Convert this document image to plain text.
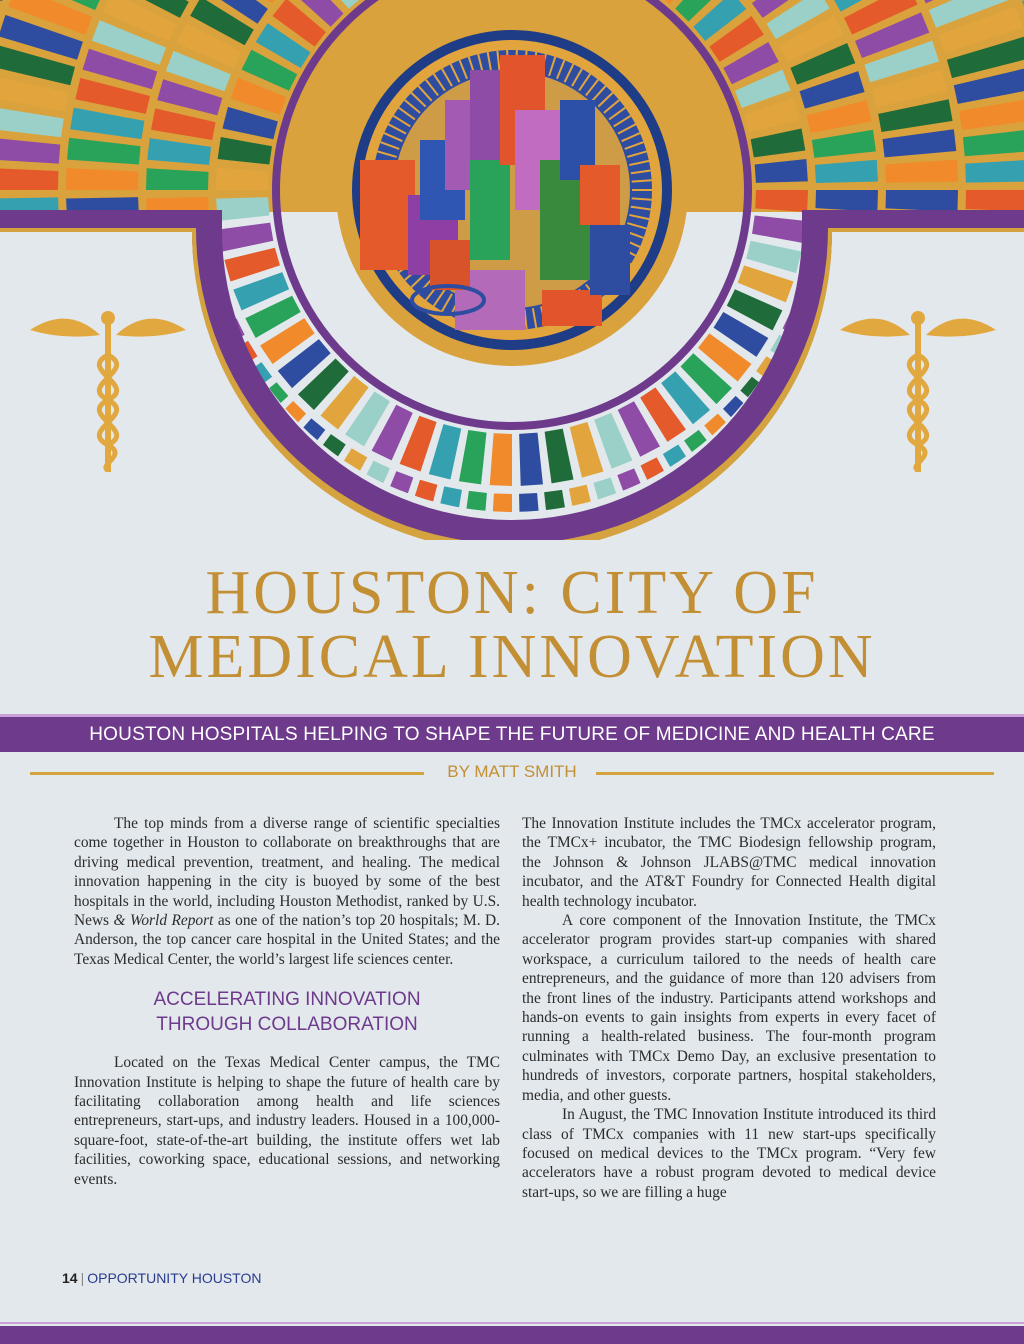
HOUSTON: CITY OF
MEDICAL INNOVATION
HOUSTON HOSPITALS HELPING TO SHAPE THE FUTURE OF MEDICINE AND HEALTH CARE
BY MATT SMITH

The top minds from a diverse range of scientific specialties come together in Houston to collaborate on breakthroughs that are driving medical prevention, treatment, and healing. The medical innovation happening in the city is buoyed by some of the best hospitals in the world, including Houston Methodist, ranked by U.S. News & World Report as one of the nation’s top 20 hospitals; M. D. Anderson, the top cancer care hospital in the United States; and the Texas Medical Center, the world’s largest life sciences center.

ACCELERATING INNOVATION
THROUGH COLLABORATION

Located on the Texas Medical Center campus, the TMC Innovation Institute is helping to shape the future of health care by facilitating collaboration among health and life sciences entrepreneurs, start-ups, and industry leaders. Housed in a 100,000-square-foot, state-of-the-art building, the institute offers wet lab facilities, coworking space, educational sessions, and networking events.

The Innovation Institute includes the TMCx accelerator program, the TMCx+ incubator, the TMC Biodesign fellowship program, the Johnson & Johnson JLABS@TMC medical innovation incubator, and the AT&T Foundry for Connected Health digital health technology incubator.

A core component of the Innovation Institute, the TMCx accelerator program provides start-up companies with shared workspace, a curriculum tailored to the needs of health care entrepreneurs, and the guidance of more than 120 advisers from the front lines of the industry. Participants attend workshops and hands-on events to gain insights from experts in every facet of running a health-related business. The four-month program culminates with TMCx Demo Day, an exclusive presentation to hundreds of investors, corporate partners, hospital stakeholders, media, and other guests.

In August, the TMC Innovation Institute introduced its third class of TMCx companies with 11 new start-ups specifically focused on medical devices to the TMCx program. “Very few accelerators have a robust program devoted to medical device start-ups, so we are filling a huge

14 | OPPORTUNITY HOUSTON
